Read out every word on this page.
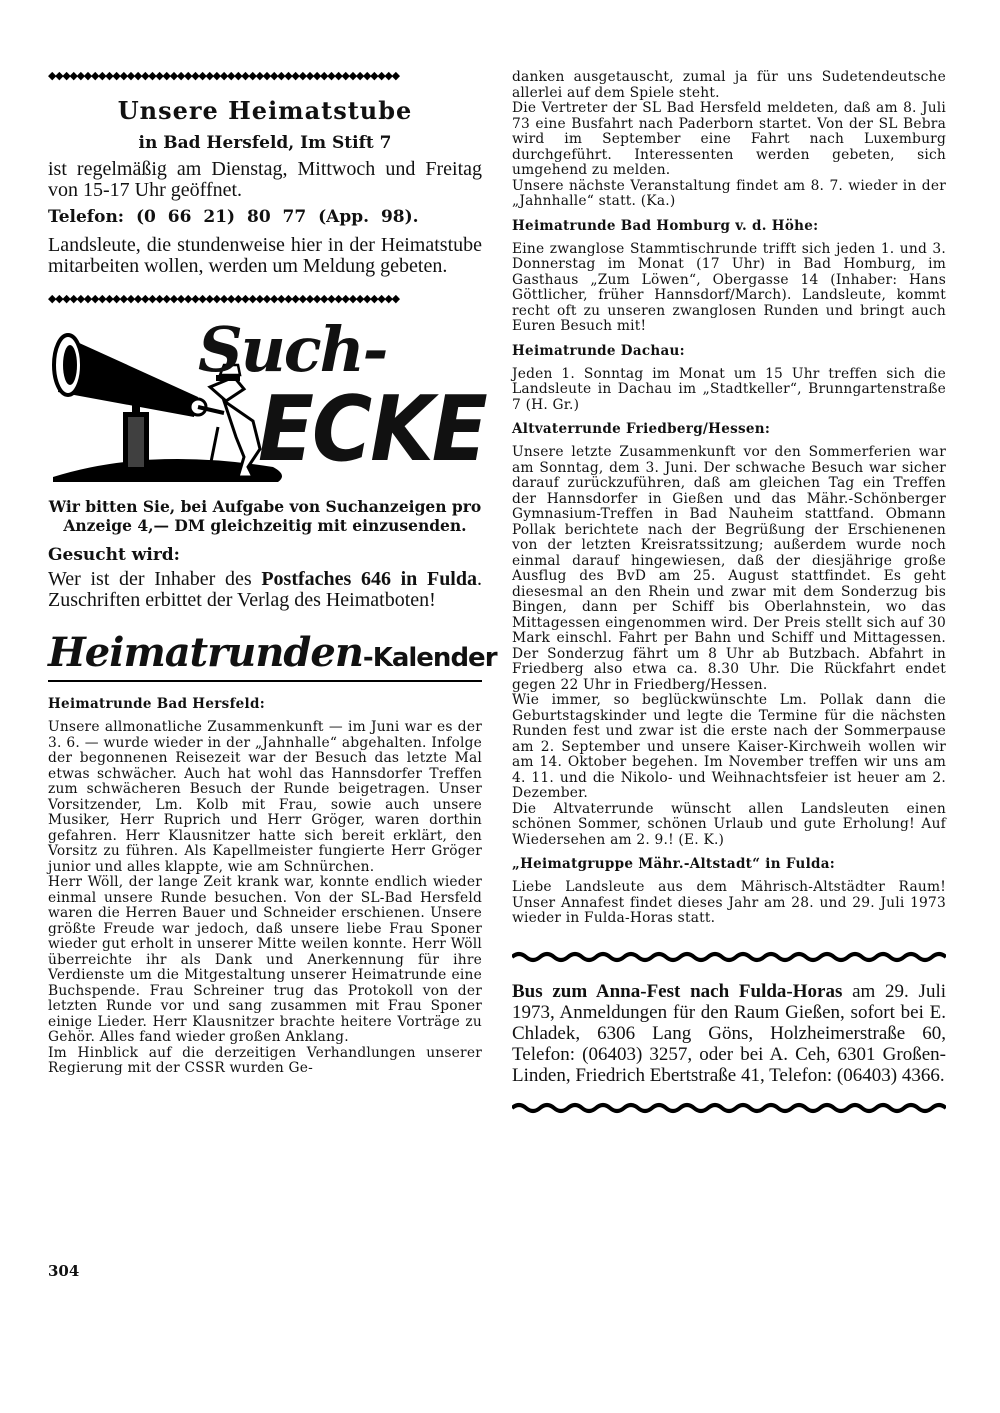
◆◆◆◆◆◆◆◆◆◆◆◆◆◆◆◆◆◆◆◆◆◆◆◆◆◆◆◆◆◆◆◆◆◆◆◆◆◆◆◆◆◆◆◆◆◆◆◆◆
Unsere Heimatstube
in Bad Hersfeld, Im Stift 7

ist regelmäßig am Dienstag, Mittwoch und Freitag von 15-17 Uhr geöffnet.

Telefon: (0 66 21) 80 77 (App. 98).

Landsleute, die stundenweise hier in der Heimatstube mitarbeiten wollen, werden um Meldung gebeten.

◆◆◆◆◆◆◆◆◆◆◆◆◆◆◆◆◆◆◆◆◆◆◆◆◆◆◆◆◆◆◆◆◆◆◆◆◆◆◆◆◆◆◆◆◆◆◆◆◆
Such-
ECKE

Wir bitten Sie, bei Aufgabe von Suchanzeigen pro Anzeige 4,— DM gleichzeitig mit einzusenden.

Gesucht wird:

Wer ist der Inhaber des Postfaches 646 in Fulda. Zuschriften erbittet der Verlag des Heimatboten!

Heimatrunden-Kalender
Heimatrunde Bad Hersfeld:

Unsere allmonatliche Zusammenkunft — im Juni war es der 3. 6. — wurde wieder in der „Jahnhalle“ abgehalten. Infolge der begonnenen Reisezeit war der Besuch das letzte Mal etwas schwächer. Auch hat wohl das Hannsdorfer Treffen zum schwächeren Besuch der Runde beigetragen. Unser Vorsitzender, Lm. Kolb mit Frau, sowie auch unsere Musiker, Herr Ruprich und Herr Gröger, waren dorthin gefahren. Herr Klausnitzer hatte sich bereit erklärt, den Vorsitz zu führen. Als Kapellmeister fungierte Herr Gröger junior und alles klappte, wie am Schnürchen.

Herr Wöll, der lange Zeit krank war, konnte endlich wieder einmal unsere Runde besuchen. Von der SL-Bad Hersfeld waren die Herren Bauer und Schneider erschienen. Unsere größte Freude war jedoch, daß unsere liebe Frau Sponer wieder gut erholt in unserer Mitte weilen konnte. Herr Wöll überreichte ihr als Dank und Anerkennung für ihre Verdienste um die Mitgestaltung unserer Heimatrunde eine Buchspende. Frau Schreiner trug das Protokoll von der letzten Runde vor und sang zusammen mit Frau Sponer einige Lieder. Herr Klausnitzer brachte heitere Vorträge zu Gehör. Alles fand wieder großen Anklang.

Im Hinblick auf die derzeitigen Verhandlungen unserer Regierung mit der CSSR wurden Ge-

danken ausgetauscht, zumal ja für uns Sudetendeutsche allerlei auf dem Spiele steht.

Die Vertreter der SL Bad Hersfeld meldeten, daß am 8. Juli 73 eine Busfahrt nach Paderborn startet. Von der SL Bebra wird im September eine Fahrt nach Luxemburg durchgeführt. Interessenten werden gebeten, sich umgehend zu melden.

Unsere nächste Veranstaltung findet am 8. 7. wieder in der „Jahnhalle“ statt. (Ka.)

Heimatrunde Bad Homburg v. d. Höhe:

Eine zwanglose Stammtischrunde trifft sich jeden 1. und 3. Donnerstag im Monat (17 Uhr) in Bad Homburg, im Gasthaus „Zum Löwen“, Obergasse 14 (Inhaber: Hans Göttlicher, früher Hannsdorf/March). Landsleute, kommt recht oft zu unseren zwanglosen Runden und bringt auch Euren Besuch mit!

Heimatrunde Dachau:

Jeden 1. Sonntag im Monat um 15 Uhr treffen sich die Landsleute in Dachau im „Stadtkeller“, Brunngartenstraße 7 (H. Gr.)

Altvaterrunde Friedberg/Hessen:

Unsere letzte Zusammenkunft vor den Sommerferien war am Sonntag, dem 3. Juni. Der schwache Besuch war sicher darauf zurückzuführen, daß am gleichen Tag ein Treffen der Hannsdorfer in Gießen und das Mähr.-Schönberger Gymnasium-Treffen in Bad Nauheim stattfand. Obmann Pollak berichtete nach der Begrüßung der Erschienenen von der letzten Kreisratssitzung; außerdem wurde noch einmal darauf hingewiesen, daß der diesjährige große Ausflug des BvD am 25. August stattfindet. Es geht diesesmal an den Rhein und zwar mit dem Sonderzug bis Bingen, dann per Schiff bis Oberlahnstein, wo das Mittagessen eingenommen wird. Der Preis stellt sich auf 30 Mark einschl. Fahrt per Bahn und Schiff und Mittagessen. Der Sonderzug fährt um 8 Uhr ab Butzbach. Abfahrt in Friedberg also etwa ca. 8.30 Uhr. Die Rückfahrt endet gegen 22 Uhr in Friedberg/Hessen.

Wie immer, so beglückwünschte Lm. Pollak dann die Geburtstagskinder und legte die Termine für die nächsten Runden fest und zwar ist die erste nach der Sommerpause am 2. September und unsere Kaiser-Kirchweih wollen wir am 14. Oktober begehen. Im November treffen wir uns am 4. 11. und die Nikolo- und Weihnachtsfeier ist heuer am 2. Dezember.

Die Altvaterrunde wünscht allen Landsleuten einen schönen Sommer, schönen Urlaub und gute Erholung! Auf Wiedersehen am 2. 9.! (E. K.)

„Heimatgruppe Mähr.-Altstadt“ in Fulda:

Liebe Landsleute aus dem Mährisch-Altstädter Raum! Unser Annafest findet dieses Jahr am 28. und 29. Juli 1973 wieder in Fulda-Horas statt.

Bus zum Anna-Fest nach Fulda-Horas am 29. Juli 1973, Anmeldungen für den Raum Gießen, sofort bei E. Chladek, 6306 Lang Göns, Holzheimerstraße 60, Telefon: (06403) 3257, oder bei A. Ceh, 6301 Großen-Linden, Friedrich Ebertstraße 41, Telefon: (06403) 4366.

304
